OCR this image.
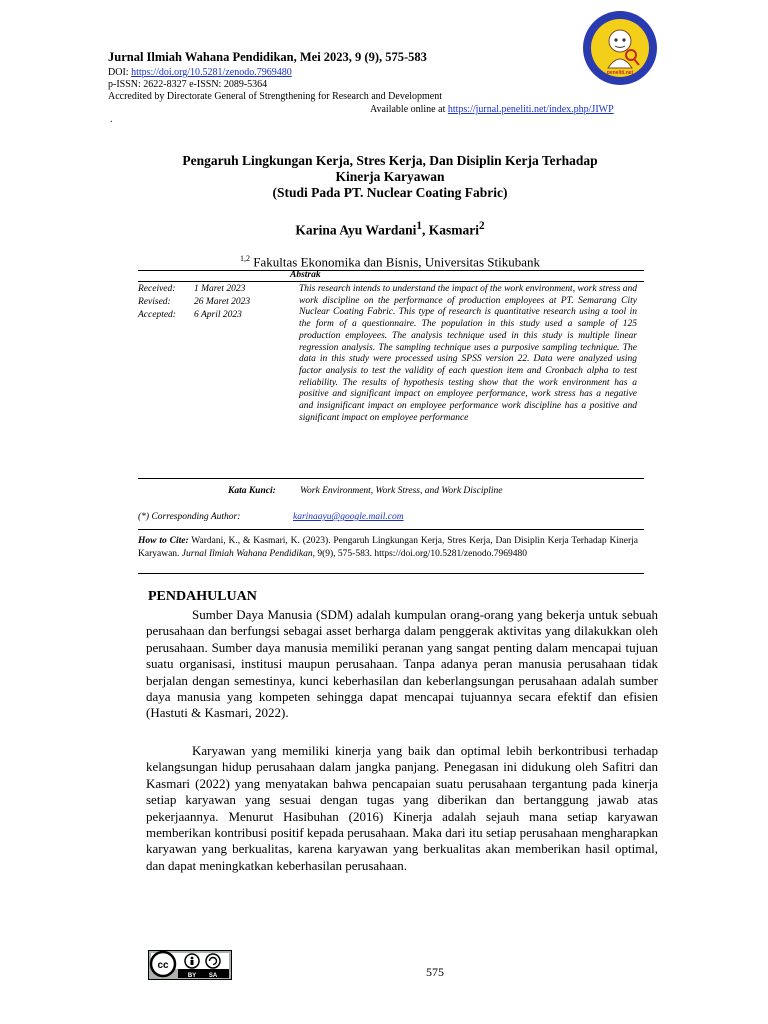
Jurnal Ilmiah Wahana Pendidikan, Mei 2023, 9 (9), 575-583
DOI: https://doi.org/10.5281/zenodo.7969480
p-ISSN: 2622-8327 e-ISSN: 2089-5364
Accredited by Directorate General of Strengthening for Research and Development
Available online at https://jurnal.peneliti.net/index.php/JIWP
.
peneliti.net
Pengaruh Lingkungan Kerja, Stres Kerja, Dan Disiplin Kerja Terhadap
Kinerja Karyawan
(Studi Pada PT. Nuclear Coating Fabric)
Karina Ayu Wardani$^1$, Kasmari$^2$
$^{1,2}$ Fakultas Ekonomika dan Bisnis, Universitas Stikubank
Abstrak
Received:	1 Maret 2023
Revised:	26 Maret 2023
Accepted:	6 April 2023
This research intends to understand the impact of the work environment, work stress and work discipline on the performance of production employees at PT. Semarang City Nuclear Coating Fabric. This type of research is quantitative research using a tool in the form of a questionnaire. The population in this study used a sample of 125 production employees. The analysis technique used in this study is multiple linear regression analysis. The sampling technique uses a purposive sampling technique. The data in this study were processed using SPSS version 22. Data were analyzed using factor analysis to test the validity of each question item and Cronbach alpha to test reliability. The results of hypothesis testing show that the work environment has a positive and significant impact on employee performance, work stress has a negative and insignificant impact on employee performance work discipline has a positive and significant impact on employee performance
Kata Kunci:	Work Environment, Work Stress, and Work Discipline
(*) Corresponding Author:	karinaayu@google.mail.com
How to Cite: Wardani, K., & Kasmari, K. (2023). Pengaruh Lingkungan Kerja, Stres Kerja, Dan Disiplin Kerja Terhadap Kinerja Karyawan. Jurnal Ilmiah Wahana Pendidikan, 9(9), 575-583. https://doi.org/10.5281/zenodo.7969480
PENDAHULUAN
Sumber Daya Manusia (SDM) adalah kumpulan orang-orang yang bekerja untuk sebuah perusahaan dan berfungsi sebagai asset berharga dalam penggerak aktivitas yang dilakukkan oleh perusahaan. Sumber daya manusia memiliki peranan yang sangat penting dalam mencapai tujuan suatu organisasi, institusi maupun perusahaan. Tanpa adanya peran manusia perusahaan tidak berjalan dengan semestinya, kunci keberhasilan dan keberlangsungan perusahaan adalah sumber daya manusia yang kompeten sehingga dapat mencapai tujuannya secara efektif dan efisien (Hastuti & Kasmari, 2022).
Karyawan yang memiliki kinerja yang baik dan optimal lebih berkontribusi terhadap kelangsungan hidup perusahaan dalam jangka panjang. Penegasan ini didukung oleh Safitri dan Kasmari (2022) yang menyatakan bahwa pencapaian suatu perusahaan tergantung pada kinerja setiap karyawan yang sesuai dengan tugas yang diberikan dan bertanggung jawab atas pekerjaannya. Menurut Hasibuhan (2016) Kinerja adalah sejauh mana setiap karyawan memberikan kontribusi positif kepada perusahaan. Maka dari itu setiap perusahaan mengharapkan karyawan yang berkualitas, karena karyawan yang berkualitas akan memberikan hasil optimal, dan dapat meningkatkan keberhasilan perusahaan.
cc
BY SA	575
